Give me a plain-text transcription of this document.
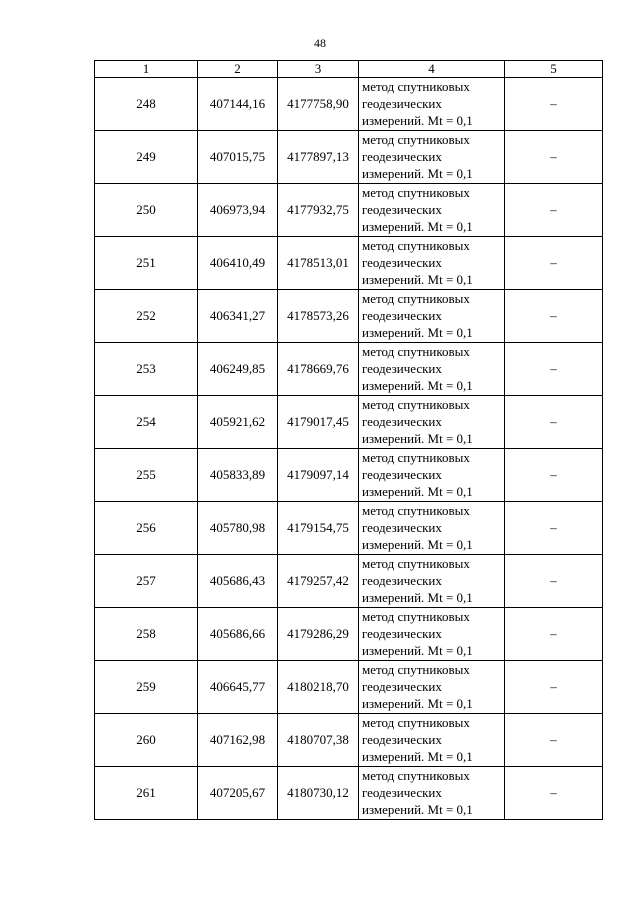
48
1	2	3	4	5
248	407144,16	4177758,90	метод спутниковых
геодезических
измерений. Mt = 0,1	–
249	407015,75	4177897,13	метод спутниковых
геодезических
измерений. Mt = 0,1	–
250	406973,94	4177932,75	метод спутниковых
геодезических
измерений. Mt = 0,1	–
251	406410,49	4178513,01	метод спутниковых
геодезических
измерений. Mt = 0,1	–
252	406341,27	4178573,26	метод спутниковых
геодезических
измерений. Mt = 0,1	–
253	406249,85	4178669,76	метод спутниковых
геодезических
измерений. Mt = 0,1	–
254	405921,62	4179017,45	метод спутниковых
геодезических
измерений. Mt = 0,1	–
255	405833,89	4179097,14	метод спутниковых
геодезических
измерений. Mt = 0,1	–
256	405780,98	4179154,75	метод спутниковых
геодезических
измерений. Mt = 0,1	–
257	405686,43	4179257,42	метод спутниковых
геодезических
измерений. Mt = 0,1	–
258	405686,66	4179286,29	метод спутниковых
геодезических
измерений. Mt = 0,1	–
259	406645,77	4180218,70	метод спутниковых
геодезических
измерений. Mt = 0,1	–
260	407162,98	4180707,38	метод спутниковых
геодезических
измерений. Mt = 0,1	–
261	407205,67	4180730,12	метод спутниковых
геодезических
измерений. Mt = 0,1	–
